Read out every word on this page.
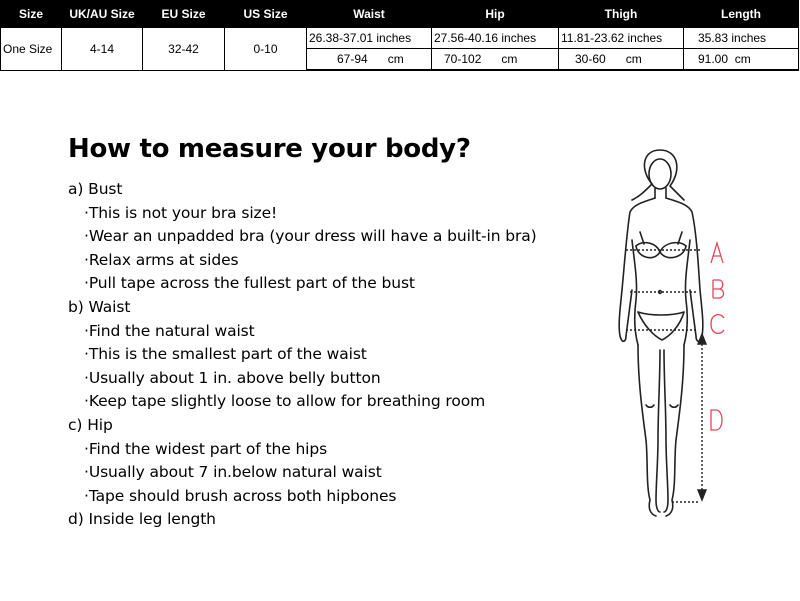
Size	UK/AU Size	EU Size	US Size	Waist	Hip	Thigh	Length
One Size	4-14	32-42	0-10	26.38-37.01 inches	27.56-40.16 inches	11.81-23.62 inches	35.83 inches
				67-94      cm	70-102      cm	30-60      cm	91.00  cm
How to measure your body?
a) Bust
·This is not your bra size!
·Wear an unpadded bra (your dress will have a built-in bra)
·Relax arms at sides
·Pull tape across the fullest part of the bust
b) Waist
·Find the natural waist
·This is the smallest part of the waist
·Usually about 1 in. above belly button
·Keep tape slightly loose to allow for breathing room
c) Hip
·Find the widest part of the hips
·Usually about 7 in.below natural waist
·Tape should brush across both hipbones
d) Inside leg length
